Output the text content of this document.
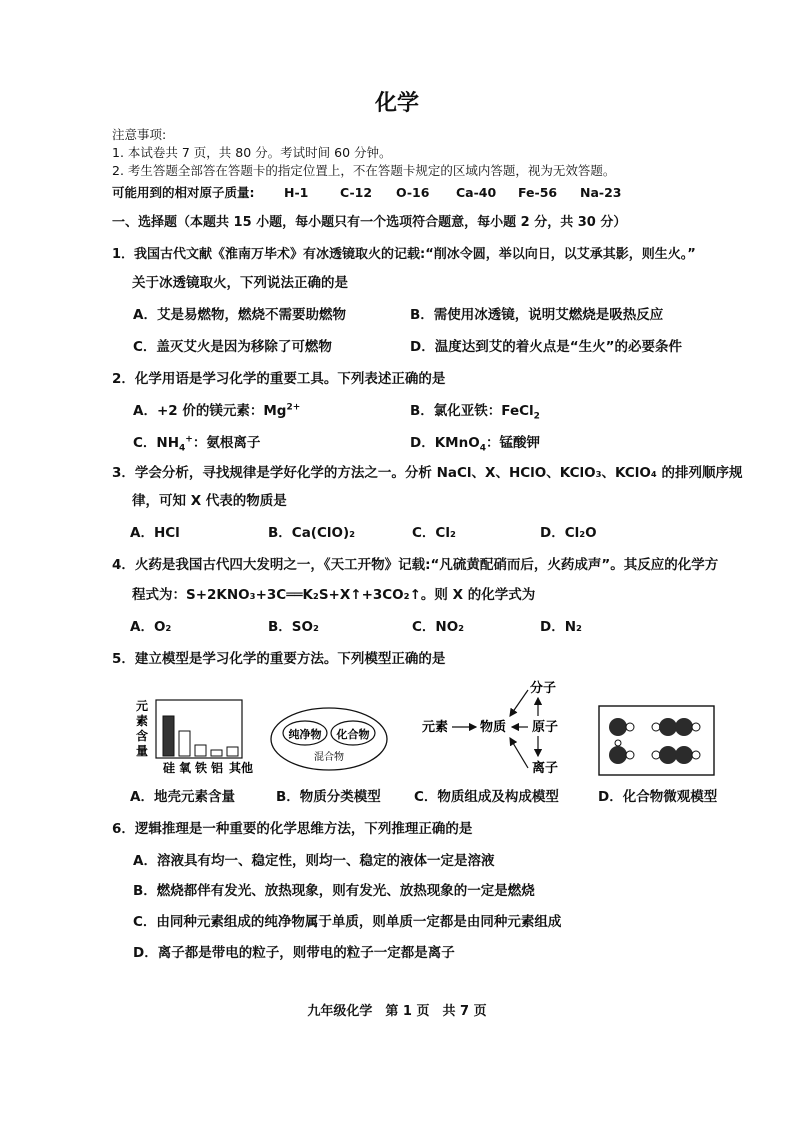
化学
注意事项:
1. 本试卷共 7 页，共 80 分。考试时间 60 分钟。
2. 考生答题全部答在答题卡的指定位置上，不在答题卡规定的区域内答题，视为无效答题。
可能用到的相对原子质量: H-1	C-12 O-16 Ca-40 Fe-56 Na-23
一、选择题（本题共 15 小题，每小题只有一个选项符合题意，每小题 2 分，共 30 分）
1．我国古代文献《淮南万毕术》有冰透镜取火的记载:“削冰令圆，举以向日，以艾承其影，则生火。”
关于冰透镜取火，下列说法正确的是
A．艾是易燃物，燃烧不需要助燃物	B．需使用冰透镜，说明艾燃烧是吸热反应
C．盖灭艾火是因为移除了可燃物	D．温度达到艾的着火点是“生火”的必要条件
2．化学用语是学习化学的重要工具。下列表述正确的是
A．+2 价的镁元素：$Mg^{2+}$	B．氯化亚铁：FeCl$_2$
C．$NH_4^+$：氨根离子	D．KMnO$_4$：锰酸钾
3．学会分析，寻找规律是学好化学的方法之一。分析 NaCl、X、HClO、KClO₃、KClO₄ 的排列顺序规
律，可知 X 代表的物质是
A．HCl	B．Ca(ClO)₂	C．Cl₂	D．Cl₂O
4．火药是我国古代四大发明之一，《天工开物》记载:“凡硫黄配硝而后，火药成声”。其反应的化学方
程式为：S+2KNO₃+3C══K₂S+X↑+3CO₂↑。则 X 的化学式为
A．O₂	B．SO₂	C．NO₂	D．N₂
5．建立模型是学习化学的重要方法。下列模型正确的是
元
素
含
量
硅 氧 铁 铝 其他
纯净物 化合物
混合物
元素 物质
分子
原子
离子
A．地壳元素含量	B．物质分类模型 C．物质组成及构成模型	D．化合物微观模型
6．逻辑推理是一种重要的化学思维方法，下列推理正确的是
A．溶液具有均一、稳定性，则均一、稳定的液体一定是溶液
B．燃烧都伴有发光、放热现象，则有发光、放热现象的一定是燃烧
C．由同种元素组成的纯净物属于单质，则单质一定都是由同种元素组成
D．离子都是带电的粒子，则带电的粒子一定都是离子
九年级化学　第 1 页　共 7 页
